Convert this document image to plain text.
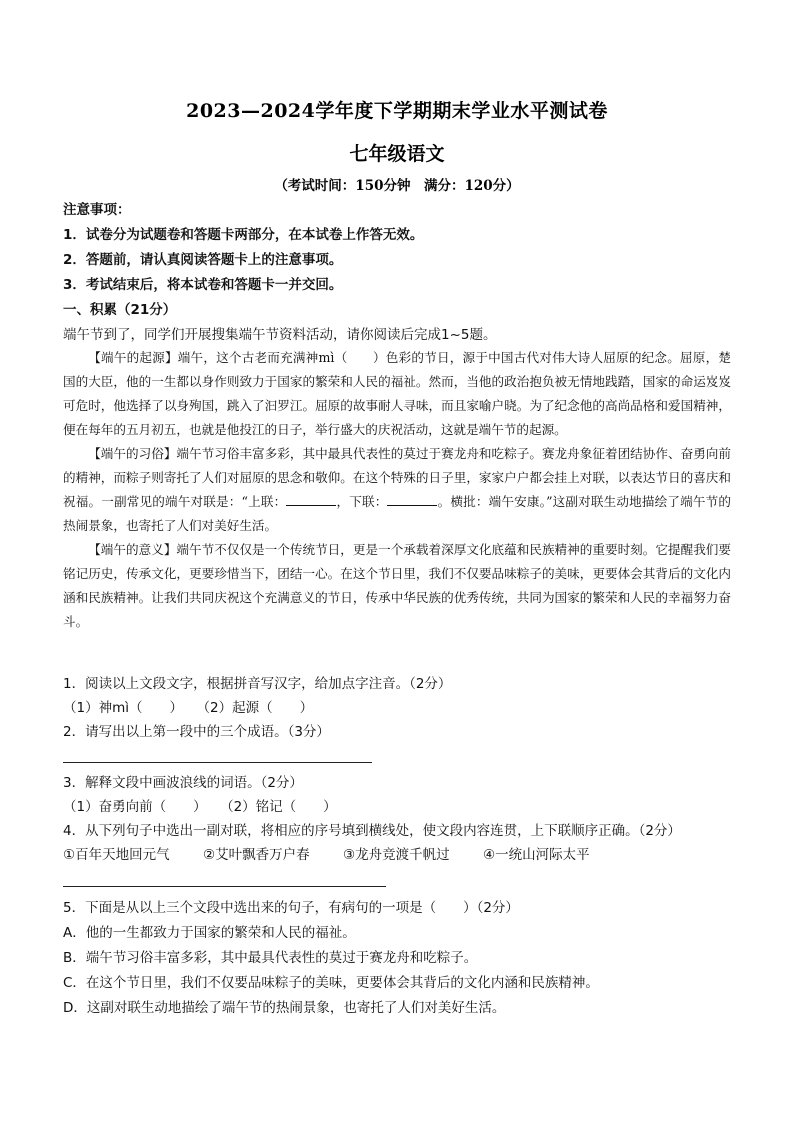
2023—2024学年度下学期期末学业水平测试卷
七年级语文
（考试时间：150分钟　满分：120分）
注意事项：
1．试卷分为试题卷和答题卡两部分，在本试卷上作答无效。
2．答题前，请认真阅读答题卡上的注意事项。
3．考试结束后，将本试卷和答题卡一并交回。
一、积累（21分）
端午节到了，同学们开展搜集端午节资料活动，请你阅读后完成1~5题。

【端午的起源】端午，这个古老而充满神mì（　　）色彩的节日，源于中国古代对伟大诗人屈原的纪念。屈原，楚国的大臣，他的一生都以身作则致力于国家的繁荣和人民的福祉。然而，当他的政治抱负被无情地践踏，国家的命运岌岌可危时，他选择了以身殉国，跳入了汩罗江。屈原的故事耐人寻味，而且家喻户晓。为了纪念他的高尚品格和爱国精神，便在每年的五月初五，也就是他投江的日子，举行盛大的庆祝活动，这就是端午节的起源。

【端午的习俗】端午节习俗丰富多彩，其中最具代表性的莫过于赛龙舟和吃粽子。赛龙舟象征着团结协作、奋勇向前的精神，而粽子则寄托了人们对屈原的思念和敬仰。在这个特殊的日子里，家家户户都会挂上对联，以表达节日的喜庆和祝福。一副常见的端午对联是：“上联：	，下联：	。横批：端午安康。”这副对联生动地描绘了端午节的热闹景象，也寄托了人们对美好生活。

【端午的意义】端午节不仅仅是一个传统节日，更是一个承载着深厚文化底蕴和民族精神的重要时刻。它提醒我们要铭记历史，传承文化，更要珍惜当下，团结一心。在这个节日里，我们不仅要品味粽子的美味，更要体会其背后的文化内涵和民族精神。让我们共同庆祝这个充满意义的节日，传承中华民族的优秀传统，共同为国家的繁荣和人民的幸福努力奋斗。

1．阅读以上文段文字，根据拼音写汉字，给加点字注音。（2分）
（1）神mì（　　）　　（2）起源（　　）
2．请写出以上第一段中的三个成语。（3分）
3．解释文段中画波浪线的词语。（2分）
（1）奋勇向前（　　）　　（2）铭记（　　）
4．从下列句子中选出一副对联，将相应的序号填到横线处，使文段内容连贯，上下联顺序正确。（2分）
①百年天地回元气 ②艾叶飘香万户春 ③龙舟竞渡千帆过 ④一统山河际太平
5．下面是从以上三个文段中选出来的句子，有病句的一项是（　　）（2分）
A．他的一生都致力于国家的繁荣和人民的福祉。
B．端午节习俗丰富多彩，其中最具代表性的莫过于赛龙舟和吃粽子。
C．在这个节日里，我们不仅要品味粽子的美味，更要体会其背后的文化内涵和民族精神。
D．这副对联生动地描绘了端午节的热闹景象，也寄托了人们对美好生活。
